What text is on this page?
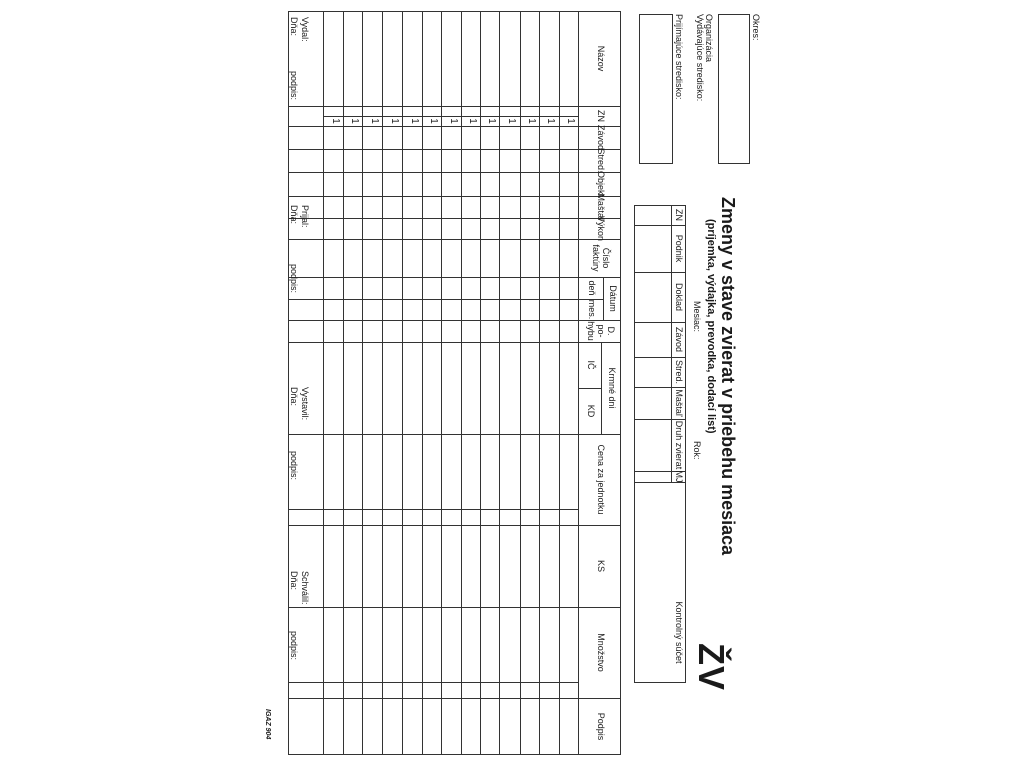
Okres:
Organizácia
Vydávajúce stredisko:
Prijímajúce stredisko:
Zmeny v stave zvierat v priebehu mesiaca
(príjemka, výdajka, prevodka, dodací list)
Mesiac:
Rok:
ŽV
ZN
Podnik
Doklad
Závod
Stred.
Maštaľ
Druh zvierat
MJ
Kontrolný súčet
Názov
ZN
Závod
Stred.
Objekt
Maštaľ
Výkon
Číslo
faktúry
Dátum
deň
mes.
D. po-
hybu
Krmné dni
IČ
KD
Cena za jednotku
KS
Množstvo
Podpis
1
1
1
1
1
1
1
1
1
1
1
1
1
Vydal:
Dňa:
podpis:
Prijal:
Dňa:
podpis:
Vystavil:
Dňa:
podpis:
Schválil:
Dňa:
podpis:
IGAZ 904
